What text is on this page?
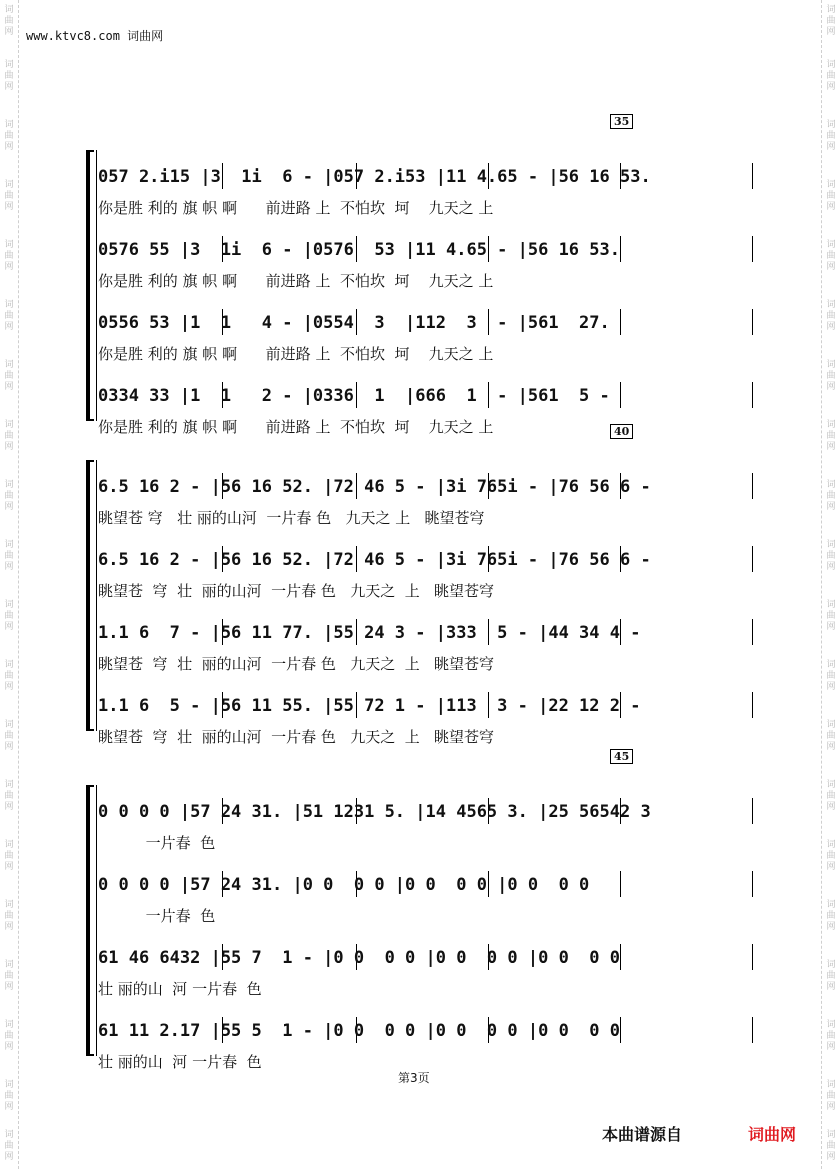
词
曲
网
词
曲
网
词
曲
网
词
曲
网
词
曲
网
词
曲
网
词
曲
网
词
曲
网
词
曲
网
词
曲
网
词
曲
网
词
曲
网
词
曲
网
词
曲
网
词
曲
网
词
曲
网
词
曲
网
词
曲
网
词
曲
网
词
曲
网
词
曲
网
词
曲
网
词
曲
网
词
曲
网
词
曲
网
词
曲
网
词
曲
网
词
曲
网
词
曲
网
词
曲
网
词
曲
网
词
曲
网
词
曲
网
词
曲
网
词
曲
网
词
曲
网
词
曲
网
词
曲
网
词
曲
网
词
曲
网
www.ktvc8.com 词曲网
35
057 2.i15 |3  1i  6 - |057 2.i53 |11 4.65 - |56 16 53.
你是胜 利的 旗 帜 啊      前进路 上  不怕坎  坷    九天之 上
0576 55 |3  1i  6 - |0576  53 |11 4.65 - |56 16 53.
你是胜 利的 旗 帜 啊      前进路 上  不怕坎  坷    九天之 上
0556 53 |1  1   4 - |0554  3  |112  3  - |561  27.
你是胜 利的 旗 帜 啊      前进路 上  不怕坎  坷    九天之 上
0334 33 |1  1   2 - |0336  1  |666  1  - |561  5 -
你是胜 利的 旗 帜 啊      前进路 上  不怕坎  坷    九天之 上	40
6.5 16 2 - |56 16 52. |72 46 5 - |3i 765i - |76 56 6 -
眺望苍 穹   壮 丽的山河  一片春 色   九天之 上   眺望苍穹
6.5 16 2 - |56 16 52. |72 46 5 - |3i 765i - |76 56 6 -
眺望苍  穹  壮  丽的山河  一片春 色   九天之  上   眺望苍穹
1.1 6  7 - |56 11 77. |55 24 3 - |333  5 - |44 34 4 -
眺望苍  穹  壮  丽的山河  一片春 色   九天之  上   眺望苍穹
1.1 6  5 - |56 11 55. |55 72 1 - |113  3 - |22 12 2 -
眺望苍  穹  壮  丽的山河  一片春 色   九天之  上   眺望苍穹
45
0 0 0 0 |57 24 31. |51 1231 5. |14 4565 3. |25 56542 3
一片春  色
0 0 0 0 |57 24 31. |0 0  0 0 |0 0  0 0 |0 0  0 0
一片春  色
61 46 6432 |55 7  1 - |0 0  0 0 |0 0  0 0 |0 0  0 0
壮 丽的山  河 一片春  色
61 11 2.17 |55 5  1 - |0 0  0 0 |0 0  0 0 |0 0  0 0
壮 丽的山  河 一片春  色
第3页
本曲谱源自	词曲网
